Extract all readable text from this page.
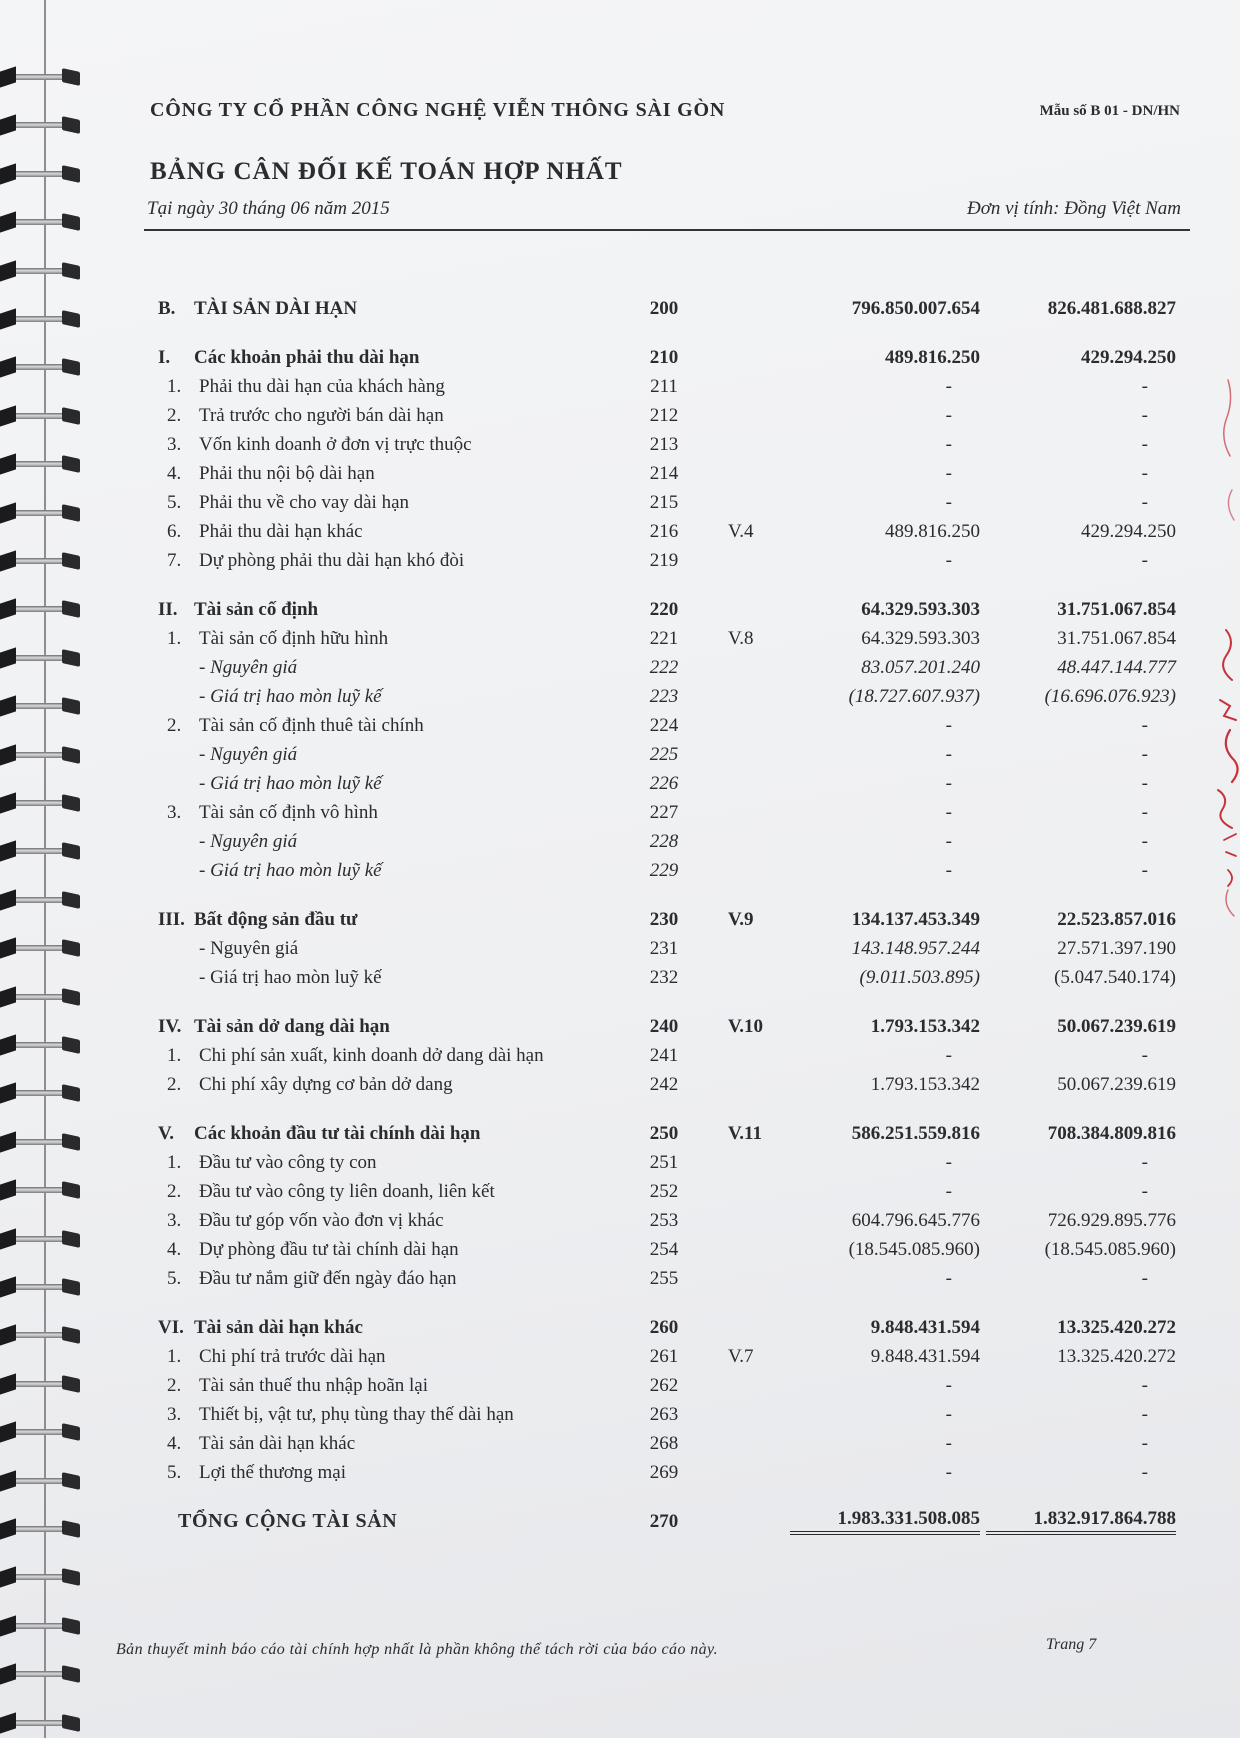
CÔNG TY CỔ PHẦN CÔNG NGHỆ VIỄN THÔNG SÀI GÒN	Mẫu số B 01 - DN/HN
BẢNG CÂN ĐỐI KẾ TOÁN HỢP NHẤT
Tại ngày 30 tháng 06 năm 2015	Đơn vị tính: Đồng Việt Nam
B. TÀI SẢN DÀI HẠN	200	796.850.007.654	826.481.688.827
I. Các khoản phải thu dài hạn	210	489.816.250	429.294.250
1. Phải thu dài hạn của khách hàng	211	-	-
2. Trả trước cho người bán dài hạn	212	-	-
3. Vốn kinh doanh ở đơn vị trực thuộc	213	-	-
4. Phải thu nội bộ dài hạn	214	-	-
5. Phải thu về cho vay dài hạn	215	-	-
6. Phải thu dài hạn khác	216	V.4	489.816.250	429.294.250
7. Dự phòng phải thu dài hạn khó đòi	219	-	-
II. Tài sản cố định	220	64.329.593.303	31.751.067.854
1. Tài sản cố định hữu hình	221	V.8	64.329.593.303	31.751.067.854
- Nguyên giá	222	83.057.201.240	48.447.144.777
- Giá trị hao mòn luỹ kế	223	(18.727.607.937)	(16.696.076.923)
2. Tài sản cố định thuê tài chính	224	-	-
- Nguyên giá	225	-	-
- Giá trị hao mòn luỹ kế	226	-	-
3. Tài sản cố định vô hình	227	-	-
- Nguyên giá	228	-	-
- Giá trị hao mòn luỹ kế	229	-	-
III. Bất động sản đầu tư	230	V.9	134.137.453.349	22.523.857.016
- Nguyên giá	231	143.148.957.244	27.571.397.190
- Giá trị hao mòn luỹ kế	232	(9.011.503.895)	(5.047.540.174)
IV. Tài sản dở dang dài hạn	240	V.10	1.793.153.342	50.067.239.619
1. Chi phí sản xuất, kinh doanh dở dang dài hạn	241	-	-
2. Chi phí xây dựng cơ bản dở dang	242	1.793.153.342	50.067.239.619
V. Các khoản đầu tư tài chính dài hạn	250	V.11	586.251.559.816	708.384.809.816
1. Đầu tư vào công ty con	251	-	-
2. Đầu tư vào công ty liên doanh, liên kết	252	-	-
3. Đầu tư góp vốn vào đơn vị khác	253	604.796.645.776	726.929.895.776
4. Dự phòng đầu tư tài chính dài hạn	254	(18.545.085.960)	(18.545.085.960)
5. Đầu tư nắm giữ đến ngày đáo hạn	255	-	-
VI. Tài sản dài hạn khác	260	9.848.431.594	13.325.420.272
1. Chi phí trả trước dài hạn	261	V.7	9.848.431.594	13.325.420.272
2. Tài sản thuế thu nhập hoãn lại	262	-	-
3. Thiết bị, vật tư, phụ tùng thay thế dài hạn	263	-	-
4. Tài sản dài hạn khác	268	-	-
5. Lợi thế thương mại	269	-	-
TỔNG CỘNG TÀI SẢN	270	1.983.331.508.085	1.832.917.864.788
Bản thuyết minh báo cáo tài chính hợp nhất là phần không thể tách rời của báo cáo này.	Trang 7
